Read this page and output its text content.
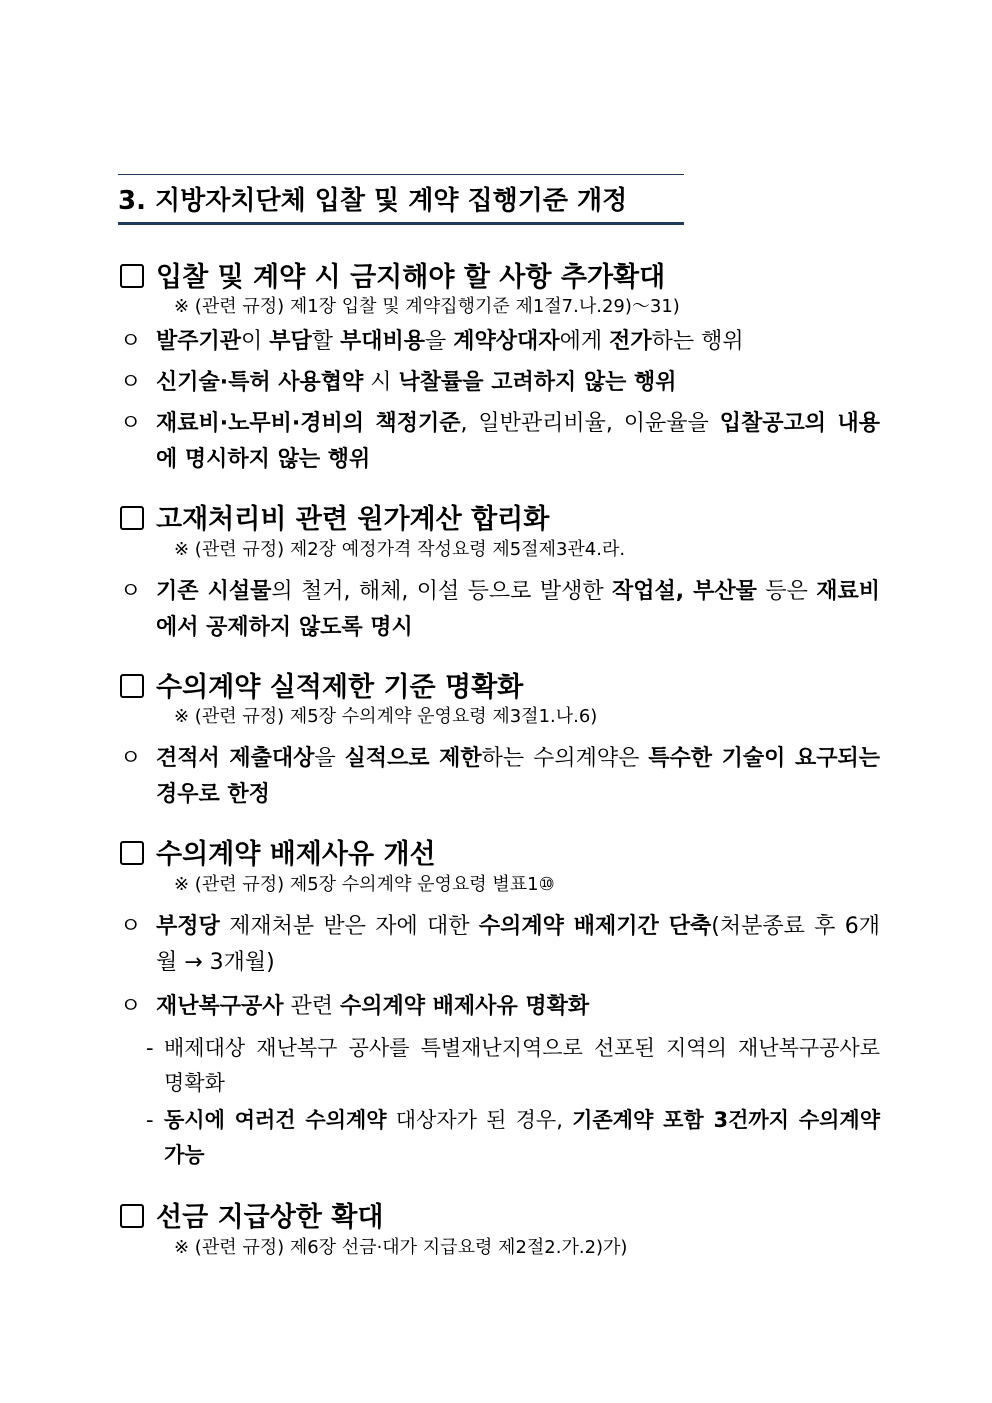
3. 지방자치단체 입찰 및 계약 집행기준 개정
입찰 및 계약 시 금지해야 할 사항 추가확대
※ (관련 규정) 제1장 입찰 및 계약집행기준 제1절7.나.29)～31)
ㅇ 발주기관이 부담할 부대비용을 계약상대자에게 전가하는 행위
ㅇ 신기술·특허 사용협약 시 낙찰률을 고려하지 않는 행위
ㅇ 재료비·노무비·경비의 책정기준, 일반관리비율, 이윤율을 입찰공고의 내용에 명시하지 않는 행위
고재처리비 관련 원가계산 합리화
※ (관련 규정) 제2장 예정가격 작성요령 제5절제3관4.라.
ㅇ 기존 시설물의 철거, 해체, 이설 등으로 발생한 작업설, 부산물 등은 재료비에서 공제하지 않도록 명시
수의계약 실적제한 기준 명확화
※ (관련 규정) 제5장 수의계약 운영요령 제3절1.나.6)
ㅇ 견적서 제출대상을 실적으로 제한하는 수의계약은 특수한 기술이 요구되는 경우로 한정
수의계약 배제사유 개선
※ (관련 규정) 제5장 수의계약 운영요령 별표1⑩
ㅇ 부정당 제재처분 받은 자에 대한 수의계약 배제기간 단축(처분종료 후 6개월 → 3개월)
ㅇ 재난복구공사 관련 수의계약 배제사유 명확화
- 배제대상 재난복구 공사를 특별재난지역으로 선포된 지역의 재난복구공사로 명확화
- 동시에 여러건 수의계약 대상자가 된 경우, 기존계약 포함 3건까지 수의계약 가능
선금 지급상한 확대
※ (관련 규정) 제6장 선금·대가 지급요령 제2절2.가.2)가)
